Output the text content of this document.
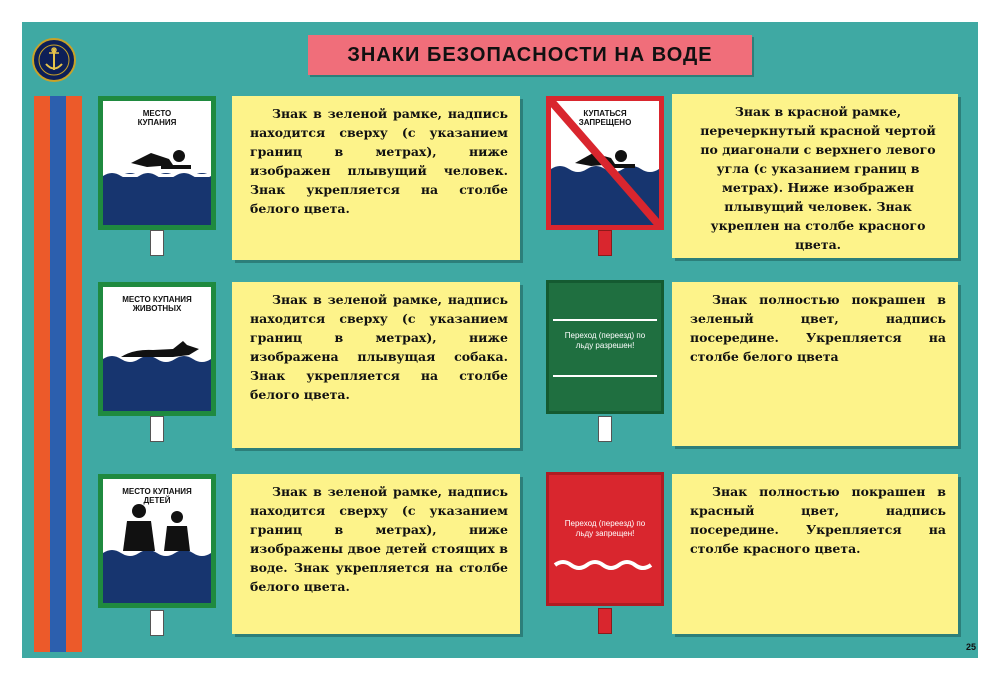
ЗНАКИ БЕЗОПАСНОСТИ НА ВОДЕ
МЕСТО КУПАНИЯ

Знак в зеленой рамке, надпись находится сверху (с указанием границ в метрах), ниже изображен плывущий человек. Знак укрепляется на столбе белого цвета.

КУПАТЬСЯ ЗАПРЕЩЕНО

Знак в красной рамке, перечеркнутый красной чертой по диагонали с верхнего левого угла (с указанием границ в метрах). Ниже изображен плывущий человек. Знак укреплен на столбе красного цвета.

МЕСТО КУПАНИЯ ЖИВОТНЫХ

Знак в зеленой рамке, надпись находится сверху (с указанием границ в метрах), ниже изображена плывущая собака. Знак укрепляется на столбе белого цвета.

Переход (переезд) по льду разрешен!

Знак полностью покрашен в зеленый цвет, надпись посередине. Укрепляется на столбе белого цвета

МЕСТО КУПАНИЯ ДЕТЕЙ

Знак в зеленой рамке, надпись находится сверху (с указанием границ в метрах), ниже изображены двое детей стоящих в воде. Знак укрепляется на столбе белого цвета.

Переход (переезд) по льду запрещен!

Знак полностью покрашен в красный цвет, надпись посередине. Укрепляется на столбе красного цвета.

25
